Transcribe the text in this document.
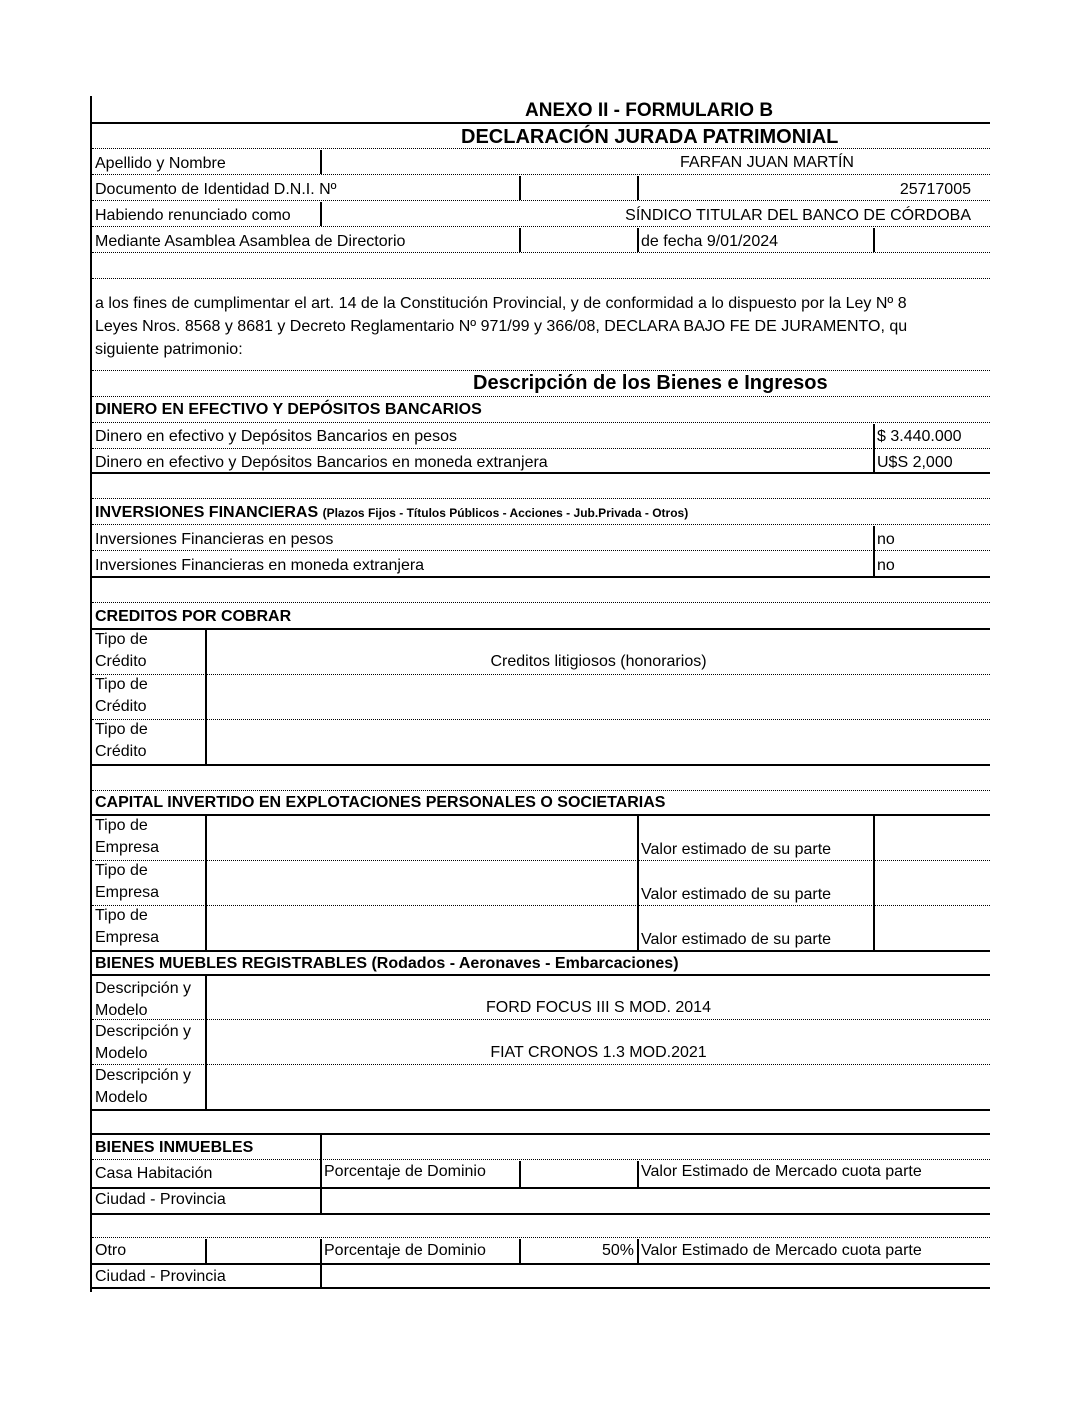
ANEXO II - FORMULARIO B
DECLARACIÓN JURADA PATRIMONIAL
Apellido y Nombre	FARFAN JUAN MARTÍN
Documento de Identidad D.N.I. Nº	25717005
Habiendo renunciado como	SÍNDICO TITULAR DEL BANCO DE CÓRDOBA
Mediante Asamblea Asamblea de Directorio	de fecha 9/01/2024
a los fines de cumplimentar el art. 14 de la Constitución Provincial, y de conformidad a lo dispuesto por la Ley Nº 8
Leyes Nros. 8568 y 8681 y Decreto Reglamentario Nº 971/99 y 366/08, DECLARA BAJO FE DE JURAMENTO, qu
siguiente patrimonio:
Descripción de los Bienes e Ingresos
DINERO EN EFECTIVO Y DEPÓSITOS BANCARIOS
Dinero en efectivo y Depósitos Bancarios en pesos	$ 3.440.000
Dinero en efectivo y Depósitos Bancarios en moneda extranjera	U$S 2,000
INVERSIONES FINANCIERAS (Plazos Fijos - Títulos Públicos - Acciones - Jub.Privada - Otros)
Inversiones Financieras en pesos	no
Inversiones Financieras en moneda extranjera	no
CREDITOS POR COBRAR
Tipo de
Crédito	Creditos litigiosos (honorarios)
Tipo de
Crédito
Tipo de
Crédito
CAPITAL INVERTIDO EN EXPLOTACIONES PERSONALES O SOCIETARIAS
Tipo de
Empresa	Valor estimado de su parte
Tipo de
Empresa	Valor estimado de su parte
Tipo de
Empresa	Valor estimado de su parte
BIENES MUEBLES REGISTRABLES (Rodados - Aeronaves - Embarcaciones)
Descripción y
Modelo	FORD FOCUS III S MOD. 2014
Descripción y
Modelo	FIAT CRONOS 1.3 MOD.2021
Descripción y
Modelo
BIENES INMUEBLES
Casa Habitación	Porcentaje de Dominio	Valor Estimado de Mercado cuota parte
Ciudad - Provincia
Otro	Porcentaje de Dominio	50% Valor Estimado de Mercado cuota parte
Ciudad - Provincia
